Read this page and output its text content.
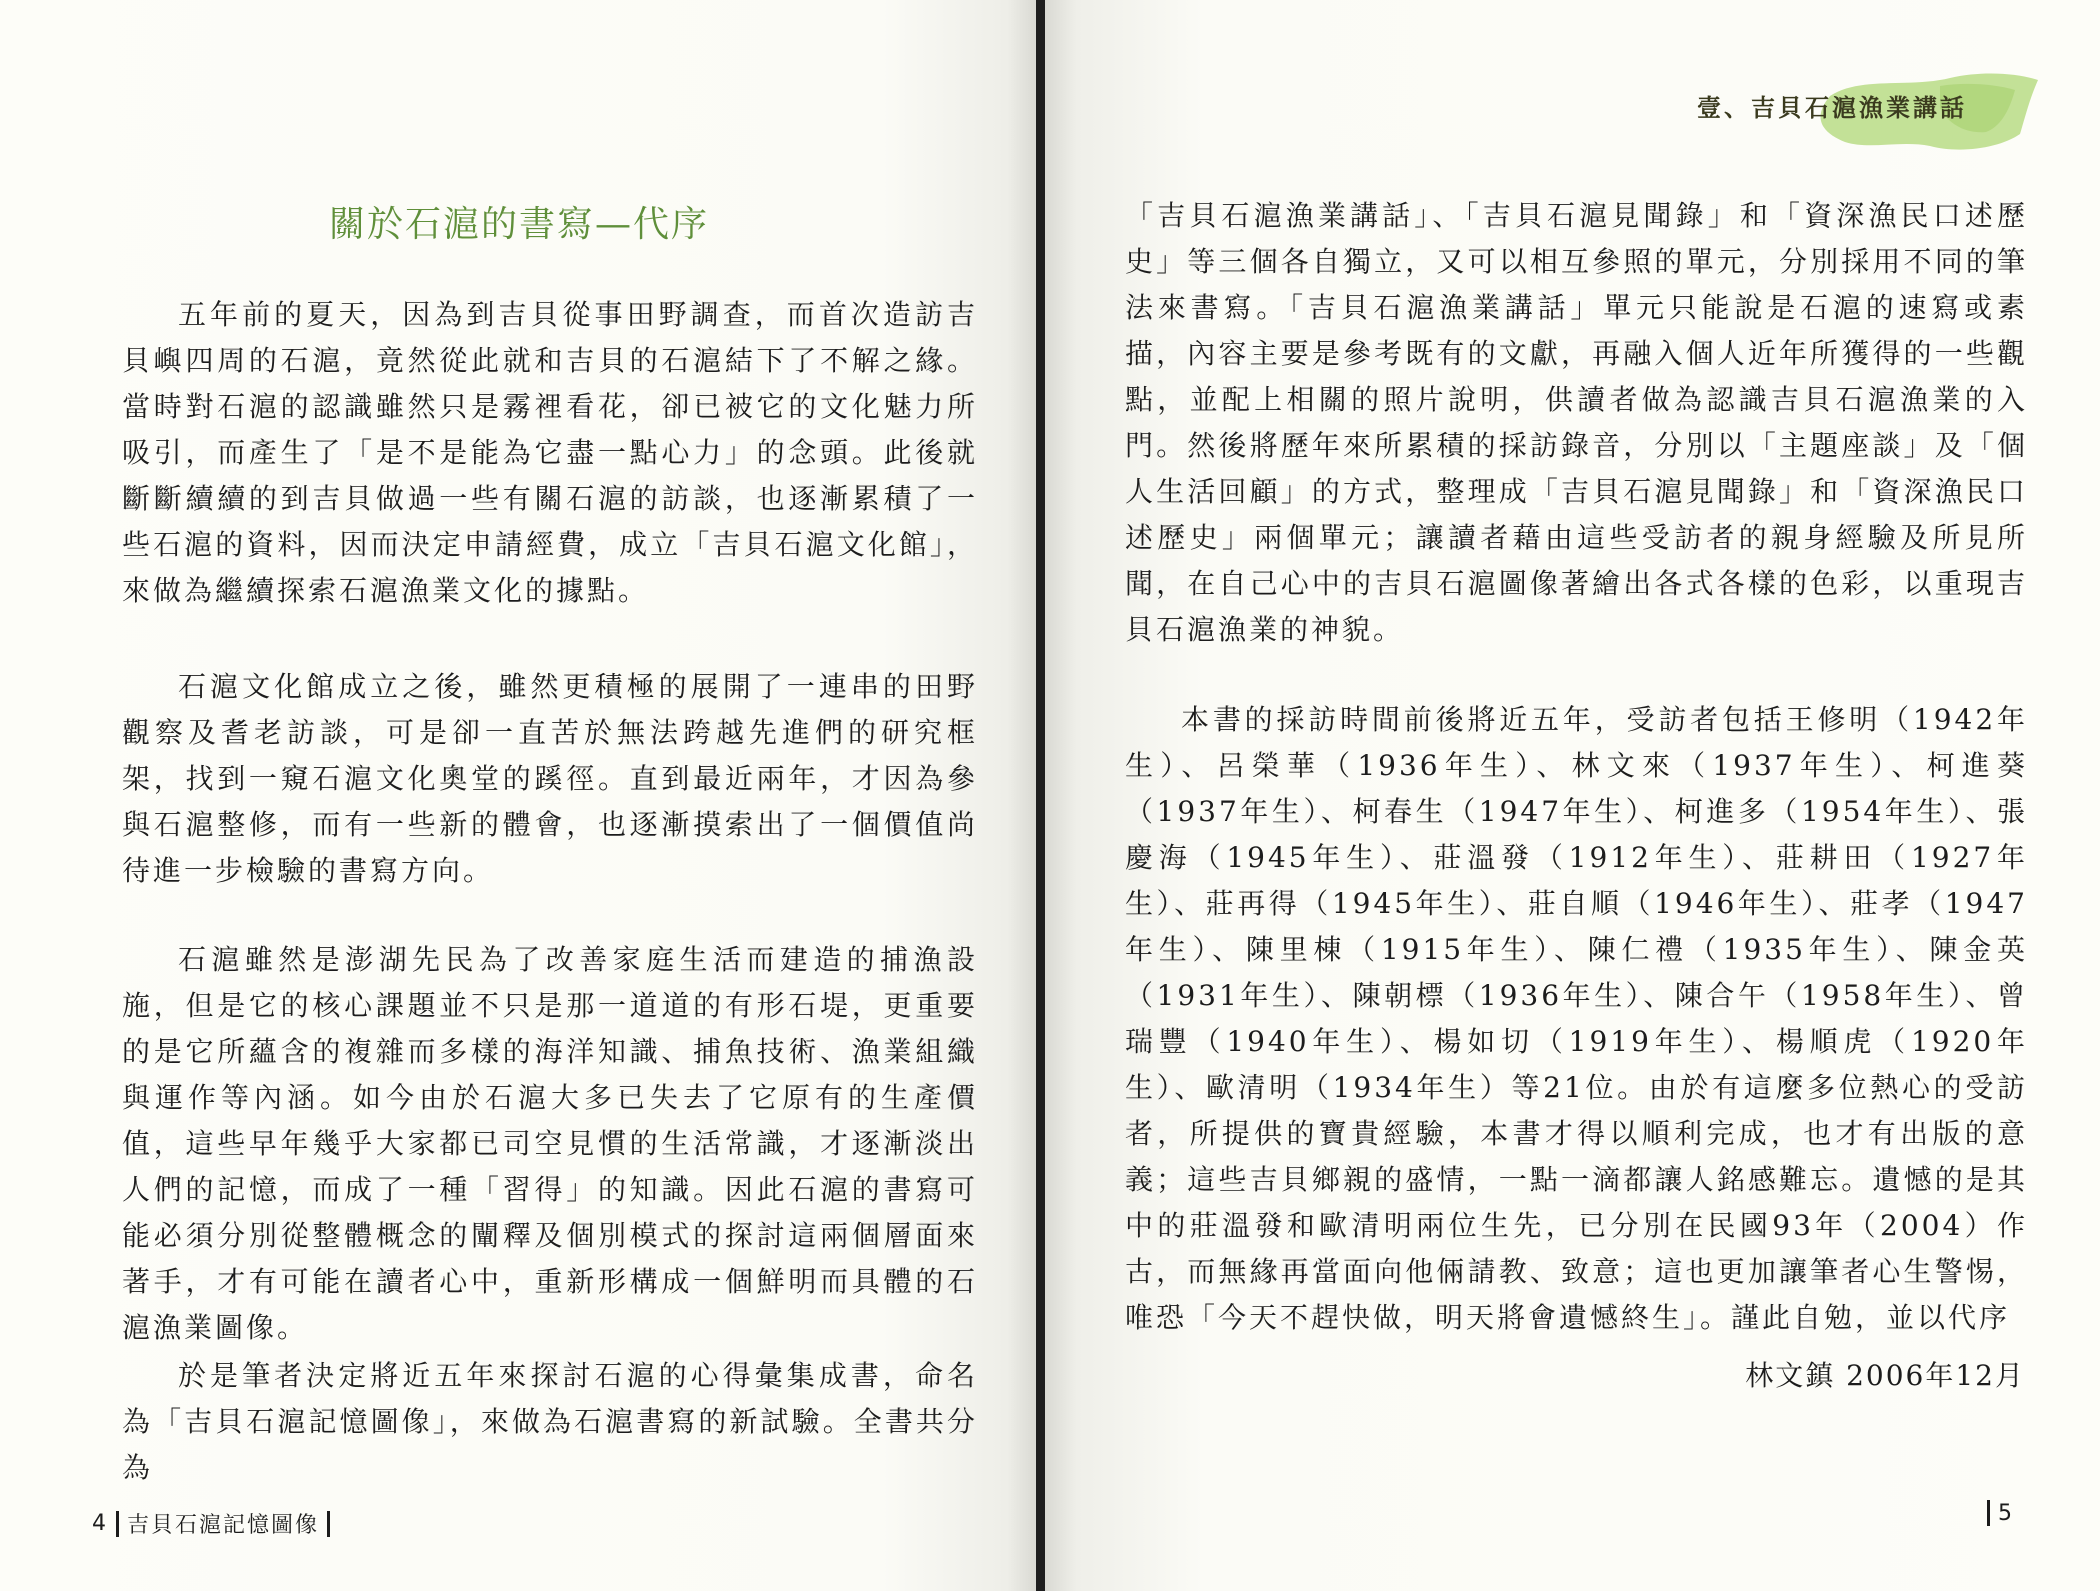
關於石滬的書寫—代序

五年前的夏天，因為到吉貝從事田野調查，而首次造訪吉貝嶼四周的石滬，竟然從此就和吉貝的石滬結下了不解之緣。當時對石滬的認識雖然只是霧裡看花，卻已被它的文化魅力所吸引，而產生了「是不是能為它盡一點心力」的念頭。此後就斷斷續續的到吉貝做過一些有關石滬的訪談，也逐漸累積了一些石滬的資料，因而決定申請經費，成立「吉貝石滬文化館」，來做為繼續探索石滬漁業文化的據點。

石滬文化館成立之後，雖然更積極的展開了一連串的田野觀察及耆老訪談，可是卻一直苦於無法跨越先進們的研究框架，找到一窺石滬文化奧堂的蹊徑。直到最近兩年，才因為參與石滬整修，而有一些新的體會，也逐漸摸索出了一個價值尚待進一步檢驗的書寫方向。

石滬雖然是澎湖先民為了改善家庭生活而建造的捕漁設施，但是它的核心課題並不只是那一道道的有形石堤，更重要的是它所蘊含的複雜而多樣的海洋知識、捕魚技術、漁業組織與運作等內涵。如今由於石滬大多已失去了它原有的生產價值，這些早年幾乎大家都已司空見慣的生活常識，才逐漸淡出人們的記憶，而成了一種「習得」的知識。因此石滬的書寫可能必須分別從整體概念的闡釋及個別模式的探討這兩個層面來著手，才有可能在讀者心中，重新形構成一個鮮明而具體的石滬漁業圖像。

於是筆者決定將近五年來探討石滬的心得彙集成書，命名為「吉貝石滬記憶圖像」，來做為石滬書寫的新試驗。全書共分為

4 吉貝石滬記憶圖像
壹、吉貝石滬漁業講話

「吉貝石滬漁業講話」、「吉貝石滬見聞錄」和「資深漁民口述歷史」等三個各自獨立，又可以相互參照的單元，分別採用不同的筆法來書寫。「吉貝石滬漁業講話」單元只能說是石滬的速寫或素描，內容主要是參考既有的文獻，再融入個人近年所獲得的一些觀點，並配上相關的照片說明，供讀者做為認識吉貝石滬漁業的入門。然後將歷年來所累積的採訪錄音，分別以「主題座談」及「個人生活回顧」的方式，整理成「吉貝石滬見聞錄」和「資深漁民口述歷史」兩個單元；讓讀者藉由這些受訪者的親身經驗及所見所聞，在自己心中的吉貝石滬圖像著繪出各式各樣的色彩，以重現吉貝石滬漁業的神貌。

本書的採訪時間前後將近五年，受訪者包括王修明（1942年生）、呂榮華（1936年生）、林文來（1937年生）、柯進葵（1937年生）、柯春生（1947年生）、柯進多（1954年生）、張慶海（1945年生）、莊溫發（1912年生）、莊耕田（1927年生）、莊再得（1945年生）、莊自順（1946年生）、莊孝（1947年生）、陳里棟（1915年生）、陳仁禮（1935年生）、陳金英（1931年生）、陳朝標（1936年生）、陳合午（1958年生）、曾瑞豐（1940年生）、楊如切（1919年生）、楊順虎（1920年生）、歐清明（1934年生）等21位。由於有這麼多位熱心的受訪者，所提供的寶貴經驗，本書才得以順利完成，也才有出版的意義；這些吉貝鄉親的盛情，一點一滴都讓人銘感難忘。遺憾的是其中的莊溫發和歐清明兩位生先，已分別在民國93年（2004）作古，而無緣再當面向他倆請教、致意；這也更加讓筆者心生警惕，唯恐「今天不趕快做，明天將會遺憾終生」。謹此自勉，並以代序

林文鎮 2006年12月
5
